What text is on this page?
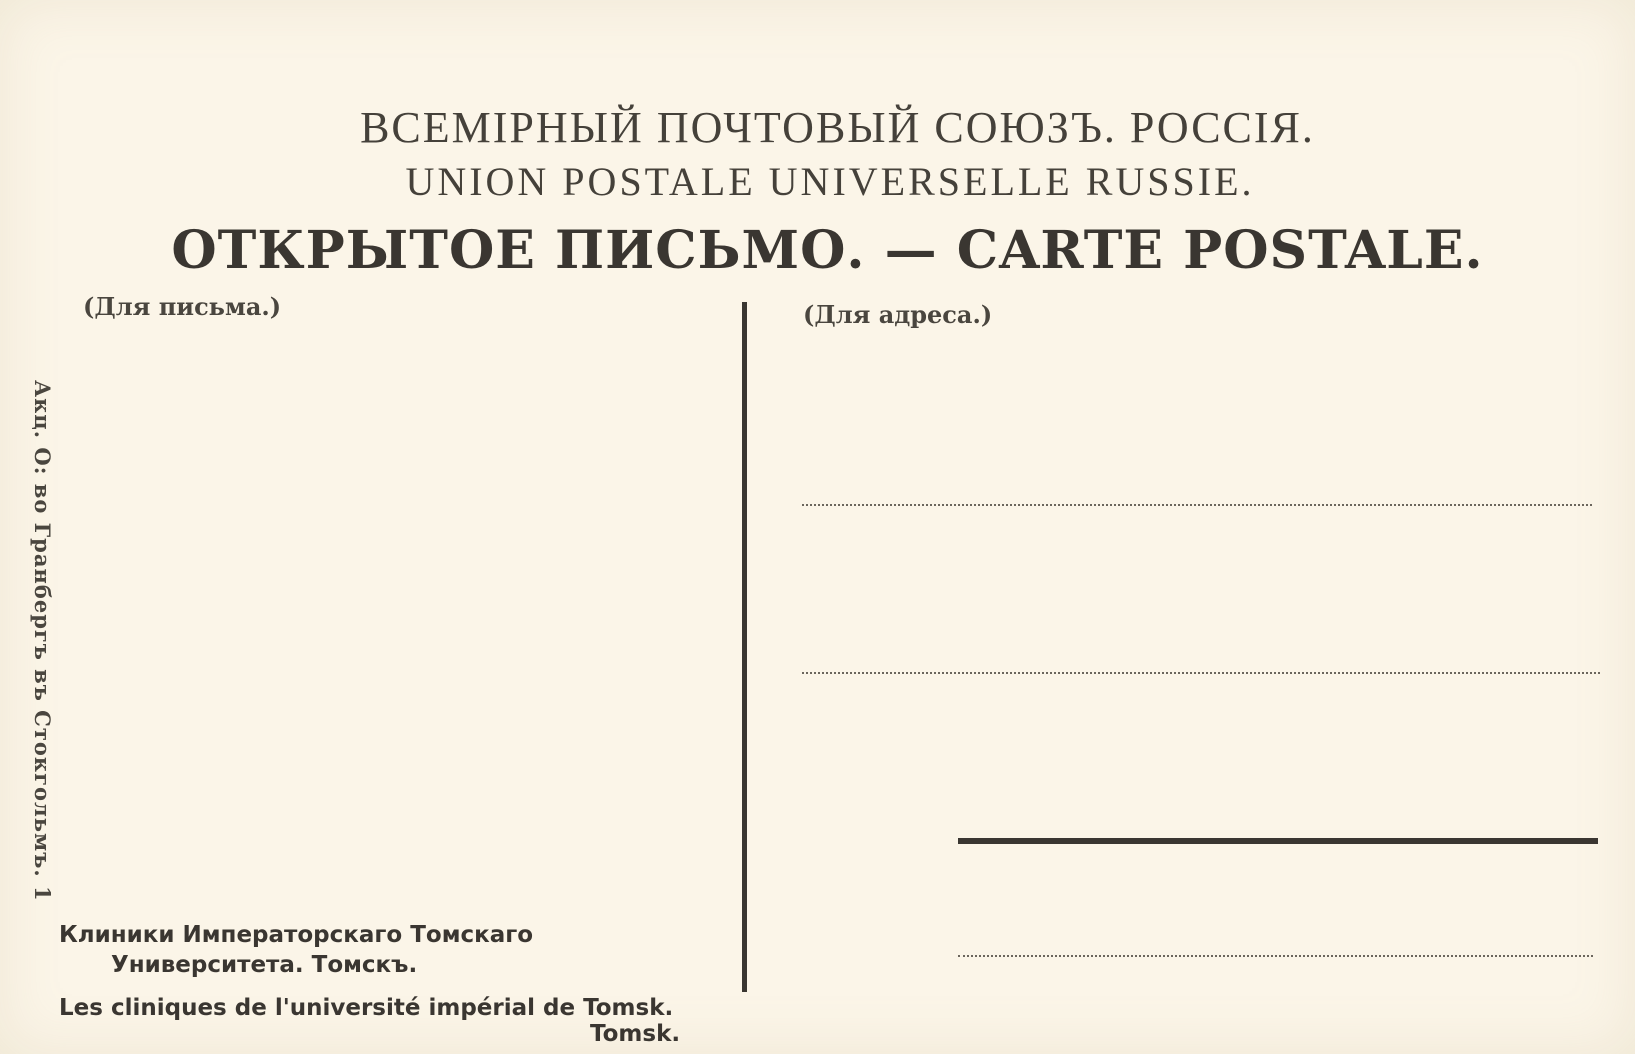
ВСЕМIРНЫЙ ПОЧТОВЫЙ СОЮЗЪ. РОССIЯ.
UNION POSTALE UNIVERSELLE RUSSIE.
ОТКРЫТОЕ ПИСЬМО. — CARTE POSTALE.
(Для письма.)	(Для адреса.)
Акц. О: во Гранбергъ въ Стокгольмъ. 1
Клиники Императорскаго Томскаго
Университета. Томскъ.
Les cliniques de l'université impérial de Tomsk.
Tomsk.
